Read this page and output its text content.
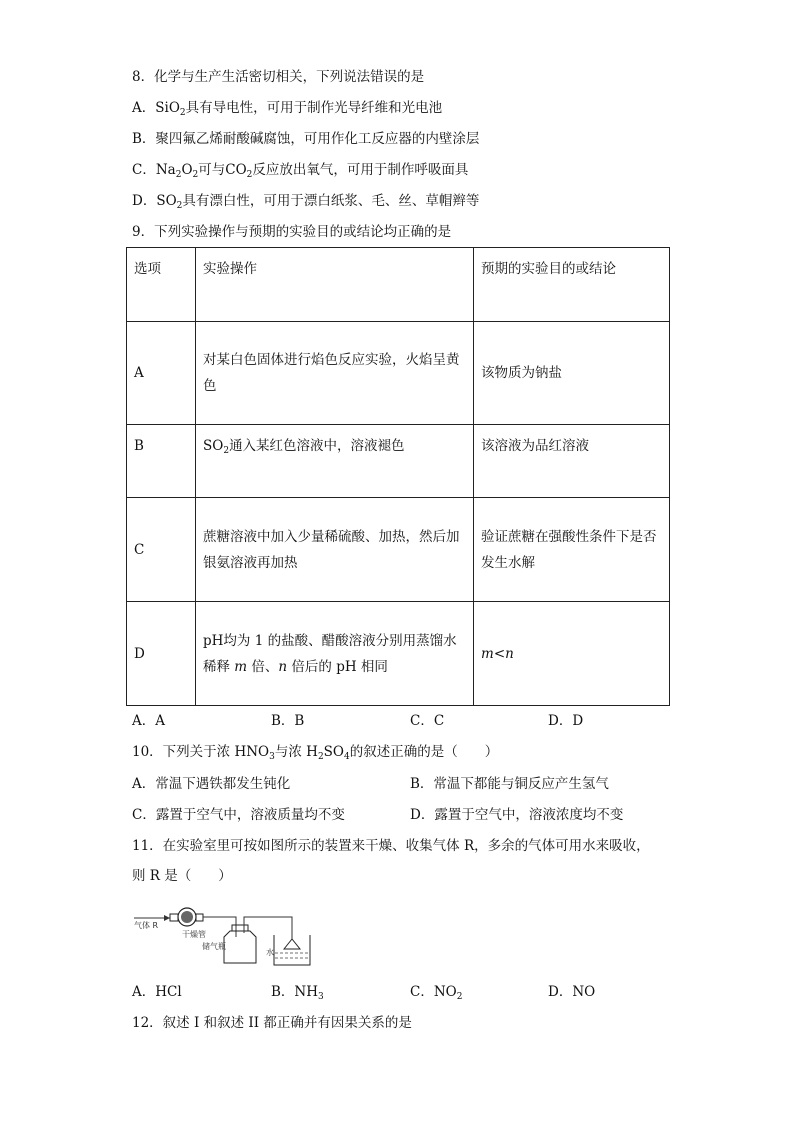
8．化学与生产生活密切相关，下列说法错误的是
A．SiO$_2$具有导电性，可用于制作光导纤维和光电池
B．聚四氟乙烯耐酸碱腐蚀，可用作化工反应器的内壁涂层
C．$Na_2O_2$可与$CO_2$反应放出氧气，可用于制作呼吸面具
D．$SO_2$具有漂白性，可用于漂白纸浆、毛、丝、草帽辫等
9．下列实验操作与预期的实验目的或结论均正确的是
选项	实验操作	预期的实验目的或结论
A	对某白色固体进行焰色反应实验，火焰呈黄色	该物质为钠盐
B	$SO_2$通入某红色溶液中，溶液褪色	该溶液为品红溶液
C	蔗糖溶液中加入少量稀硫酸、加热，然后加银氨溶液再加热	验证蔗糖在强酸性条件下是否发生水解
D	pH均为 1 的盐酸、醋酸溶液分别用蒸馏水稀释 m 倍、n 倍后的 pH 相同	m<n
A．A	B．B	C．C	D．D
10．下列关于浓 $HNO_3$与浓 $H_2SO_4$的叙述正确的是（　　）
A．常温下遇铁都发生钝化	B．常温下都能与铜反应产生氢气
C．露置于空气中，溶液质量均不变	D．露置于空气中，溶液浓度均不变
11．在实验室里可按如图所示的装置来干燥、收集气体 R，多余的气体可用水来吸收，
则 R 是（　　）
气体 R
干燥管
储气瓶
水
A．HCl	B．$NH_3$	C．$NO_2$	D．NO
12．叙述 I 和叙述 II 都正确并有因果关系的是
